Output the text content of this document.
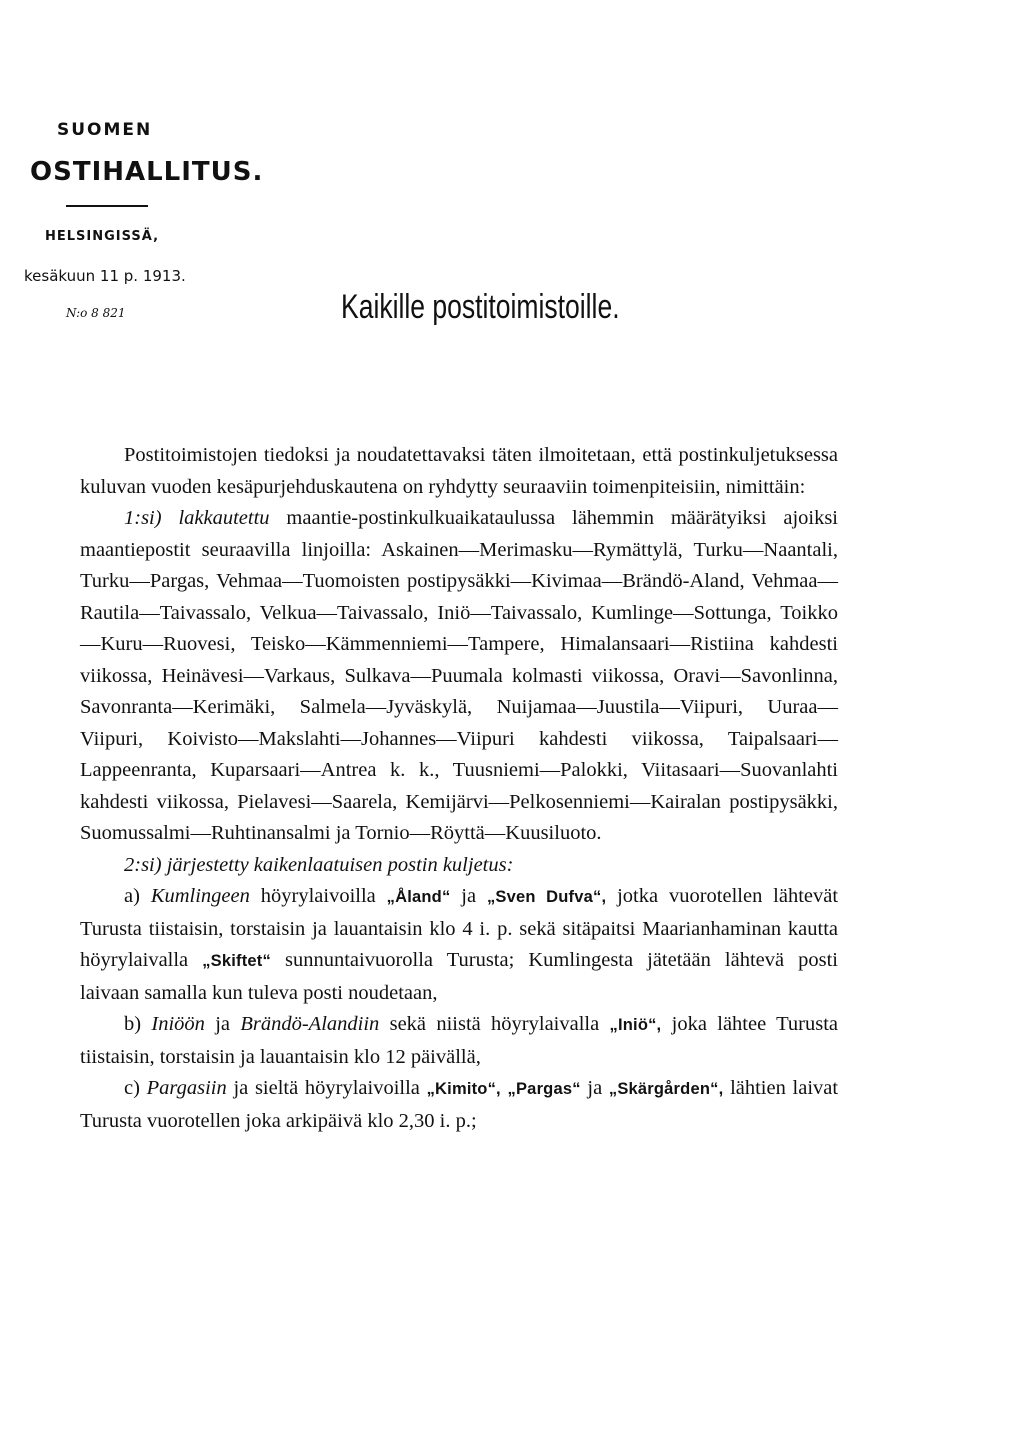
SUOMEN
OSTIHALLITUS.
HELSINGISSÄ,
kesäkuun 11 p. 1913.
N:o 8 821	Kaikille postitoimistoille.

Postitoimistojen tiedoksi ja noudatettavaksi täten ilmoitetaan, että postinkuljetuksessa kuluvan vuoden kesäpurjehduskautena on ryhdytty seuraaviin toimenpiteisiin, nimittäin:

1:si) lakkautettu maantie-postinkulkuaikataulussa lähemmin määrätyiksi ajoiksi maantiepostit seuraavilla linjoilla: Askainen—Merimasku—Rymättylä, Turku—Naantali, Turku—Pargas, Vehmaa—Tuomoisten postipysäkki—Kivimaa—Brändö-Aland, Vehmaa—Rautila—Taivassalo, Velkua—Taivassalo, Iniö—Taivassalo, Kumlinge—Sottunga, Toikko—Kuru—Ruovesi, Teisko—Kämmenniemi—Tampere, Himalansaari—Ristiina kahdesti viikossa, Heinävesi—Varkaus, Sulkava—Puumala kolmasti viikossa, Oravi—Savonlinna, Savonranta—Kerimäki, Salmela—Jyväskylä, Nuijamaa—Juustila—Viipuri, Uuraa—Viipuri, Koivisto—Makslahti—Johannes—Viipuri kahdesti viikossa, Taipalsaari—Lappeenranta, Kuparsaari—Antrea k. k., Tuusniemi—Palokki, Viitasaari—Suovanlahti kahdesti viikossa, Pielavesi—Saarela, Kemijärvi—Pelkosenniemi—Kairalan postipysäkki, Suomussalmi—Ruhtinansalmi ja Tornio—Röyttä—Kuusiluoto.

2:si) järjestetty kaikenlaatuisen postin kuljetus:

a) Kumlingeen höyrylaivoilla „Åland“ ja „Sven Dufva“, jotka vuorotellen lähtevät Turusta tiistaisin, torstaisin ja lauantaisin klo 4 i. p. sekä sitäpaitsi Maarianhaminan kautta höyrylaivalla „Skiftet“ sunnuntaivuorolla Turusta; Kumlingesta jätetään lähtevä posti laivaan samalla kun tuleva posti noudetaan,

b) Iniöön ja Brändö-Alandiin sekä niistä höyrylaivalla „Iniö“, joka lähtee Turusta tiistaisin, torstaisin ja lauantaisin klo 12 päivällä,

c) Pargasiin ja sieltä höyrylaivoilla „Kimito“, „Pargas“ ja „Skärgården“, lähtien laivat Turusta vuorotellen joka arkipäivä klo 2,30 i. p.;
